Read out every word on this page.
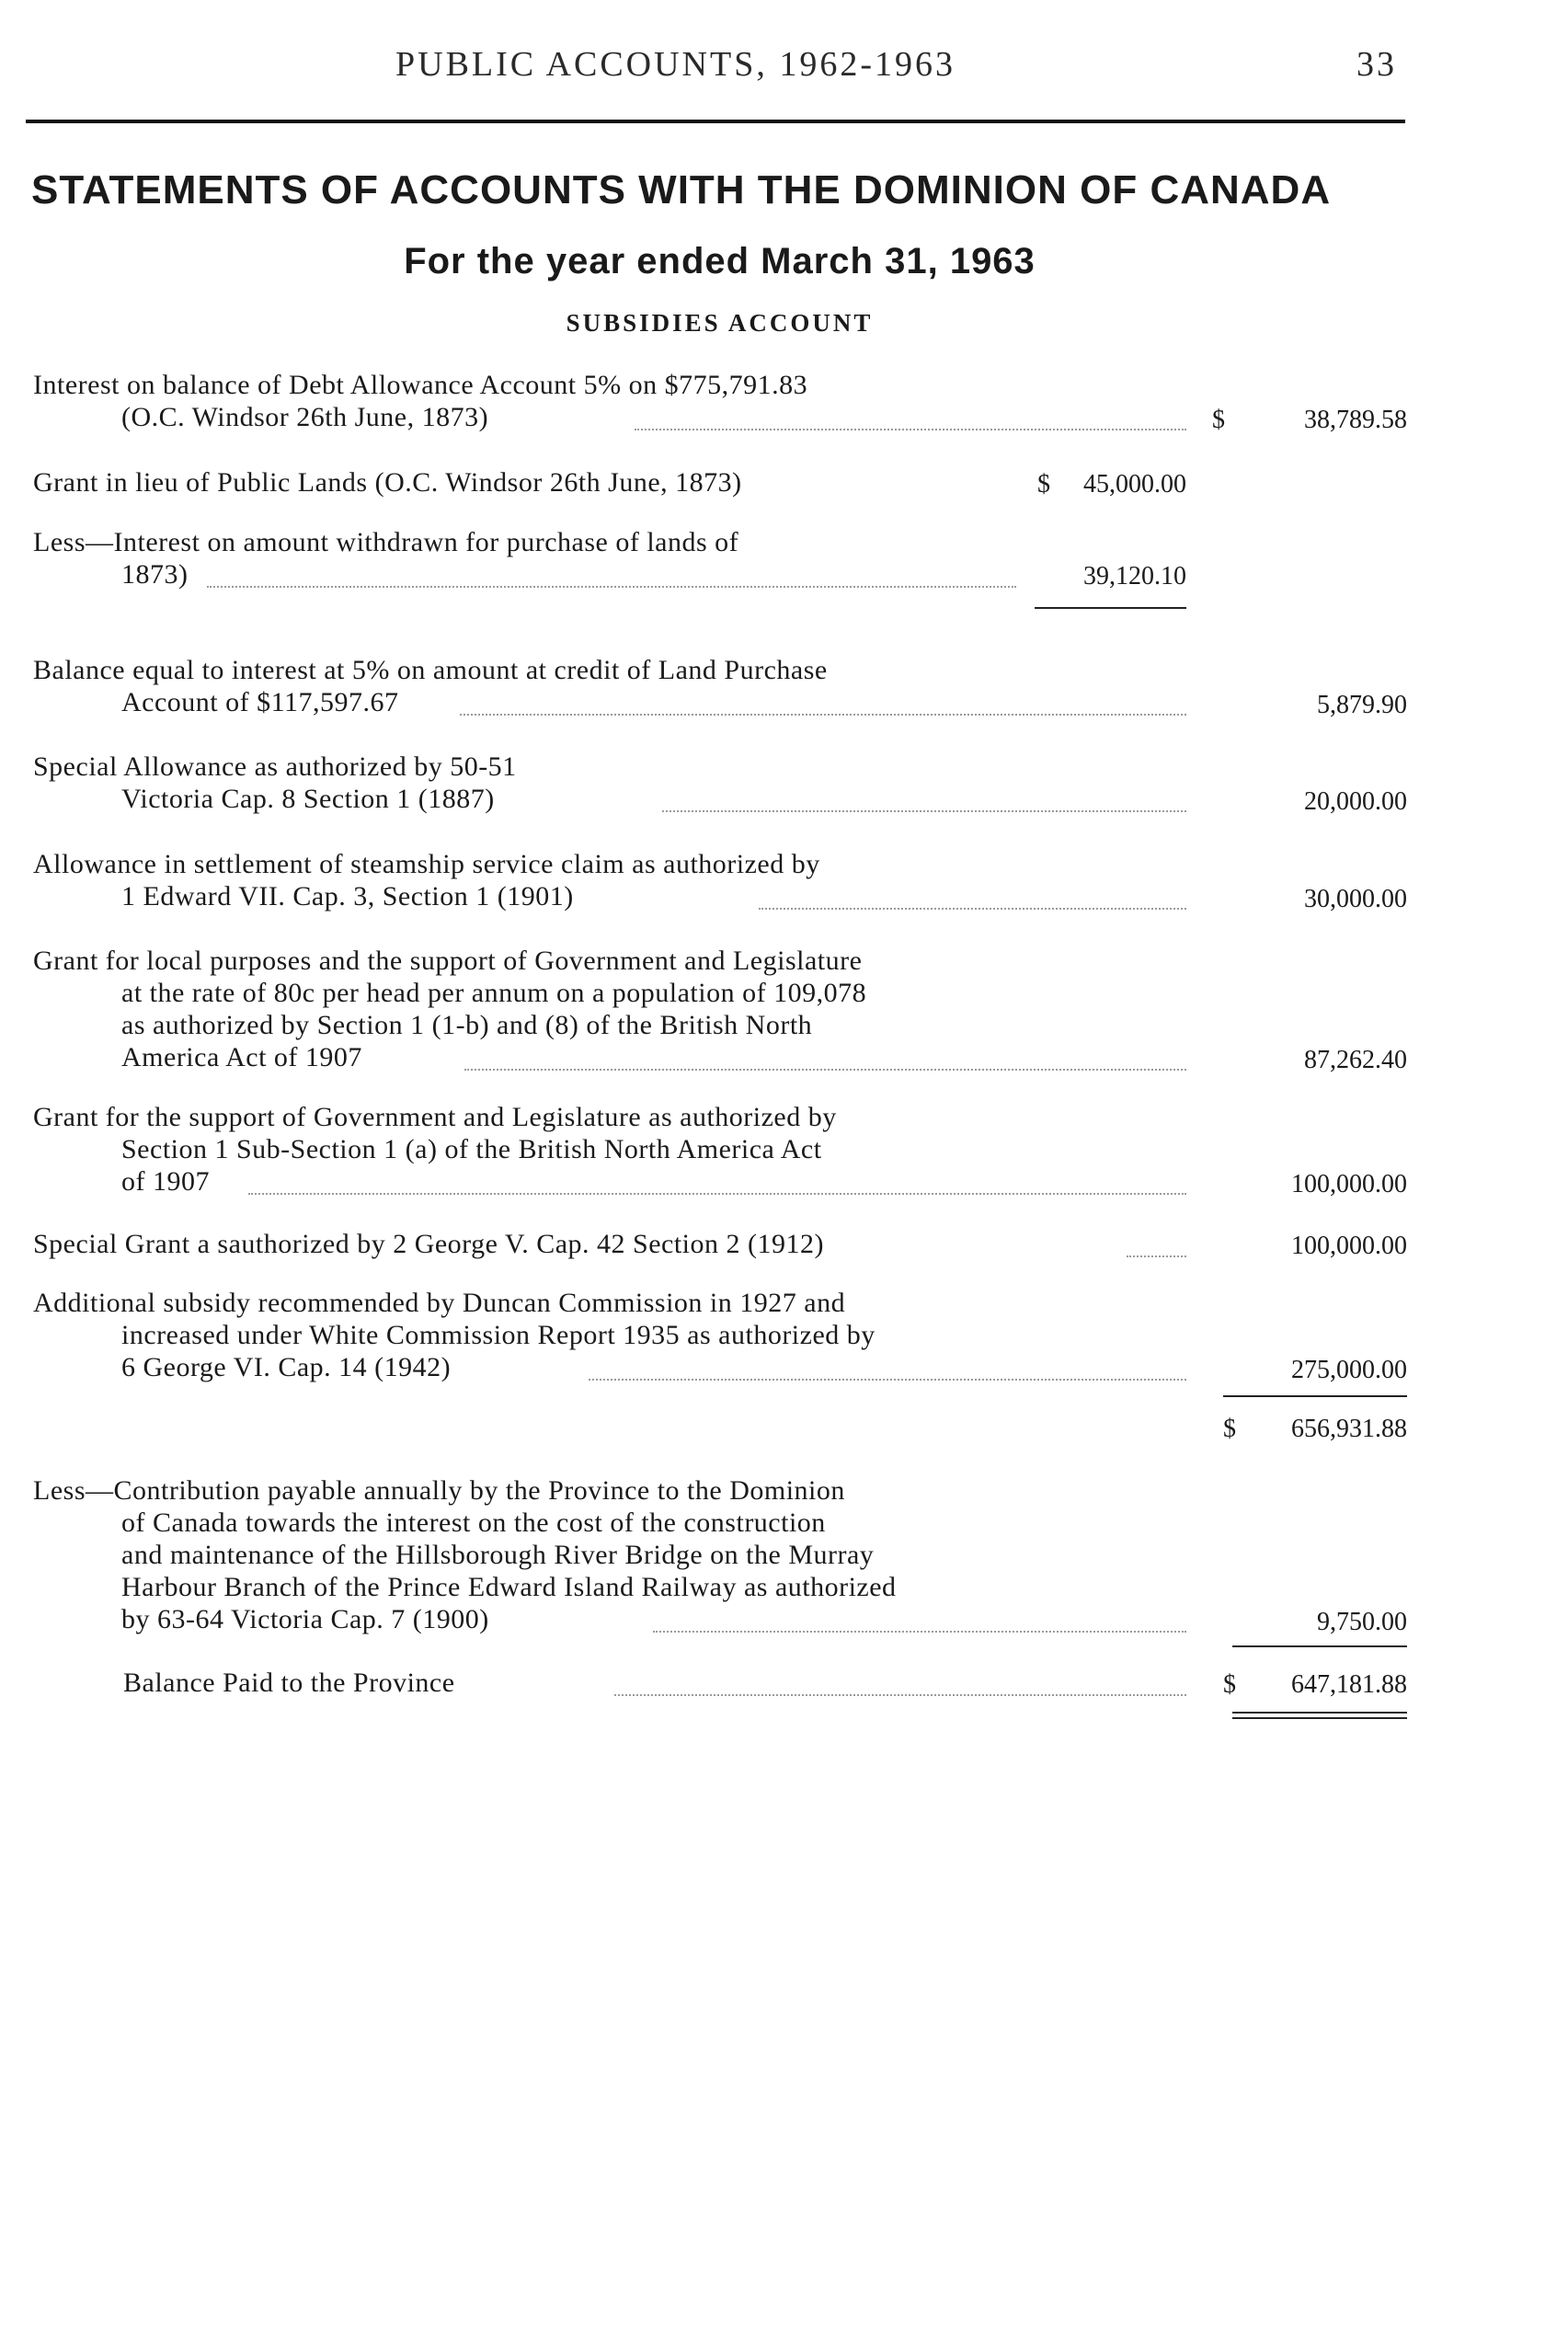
PUBLIC ACCOUNTS, 1962-1963	33
STATEMENTS OF ACCOUNTS WITH THE DOMINION OF CANADA
For the year ended March 31, 1963
SUBSIDIES ACCOUNT
Interest on balance of Debt Allowance Account 5% on $775,791.83
(O.C. Windsor 26th June, 1873)	$	38,789.58
Grant in lieu of Public Lands (O.C. Windsor 26th June, 1873)	$	45,000.00
Less—Interest on amount withdrawn for purchase of lands of
1873)	39,120.10
Balance equal to interest at 5% on amount at credit of Land Purchase
Account of $117,597.67	5,879.90
Special Allowance as authorized by 50-51
Victoria Cap. 8 Section 1 (1887)	20,000.00
Allowance in settlement of steamship service claim as authorized by
1 Edward VII. Cap. 3, Section 1 (1901)	30,000.00
Grant for local purposes and the support of Government and Legislature
at the rate of 80c per head per annum on a population of 109,078
as authorized by Section 1 (1-b) and (8) of the British North
America Act of 1907	87,262.40
Grant for the support of Government and Legislature as authorized by
Section 1 Sub-Section 1 (a) of the British North America Act
of 1907	100,000.00
Special Grant a sauthorized by 2 George V. Cap. 42 Section 2 (1912)	100,000.00
Additional subsidy recommended by Duncan Commission in 1927 and
increased under White Commission Report 1935 as authorized by
6 George VI. Cap. 14 (1942)	275,000.00
$	656,931.88
Less—Contribution payable annually by the Province to the Dominion
of Canada towards the interest on the cost of the construction
and maintenance of the Hillsborough River Bridge on the Murray
Harbour Branch of the Prince Edward Island Railway as authorized
by 63-64 Victoria Cap. 7 (1900)	9,750.00
Balance Paid to the Province	$	647,181.88
